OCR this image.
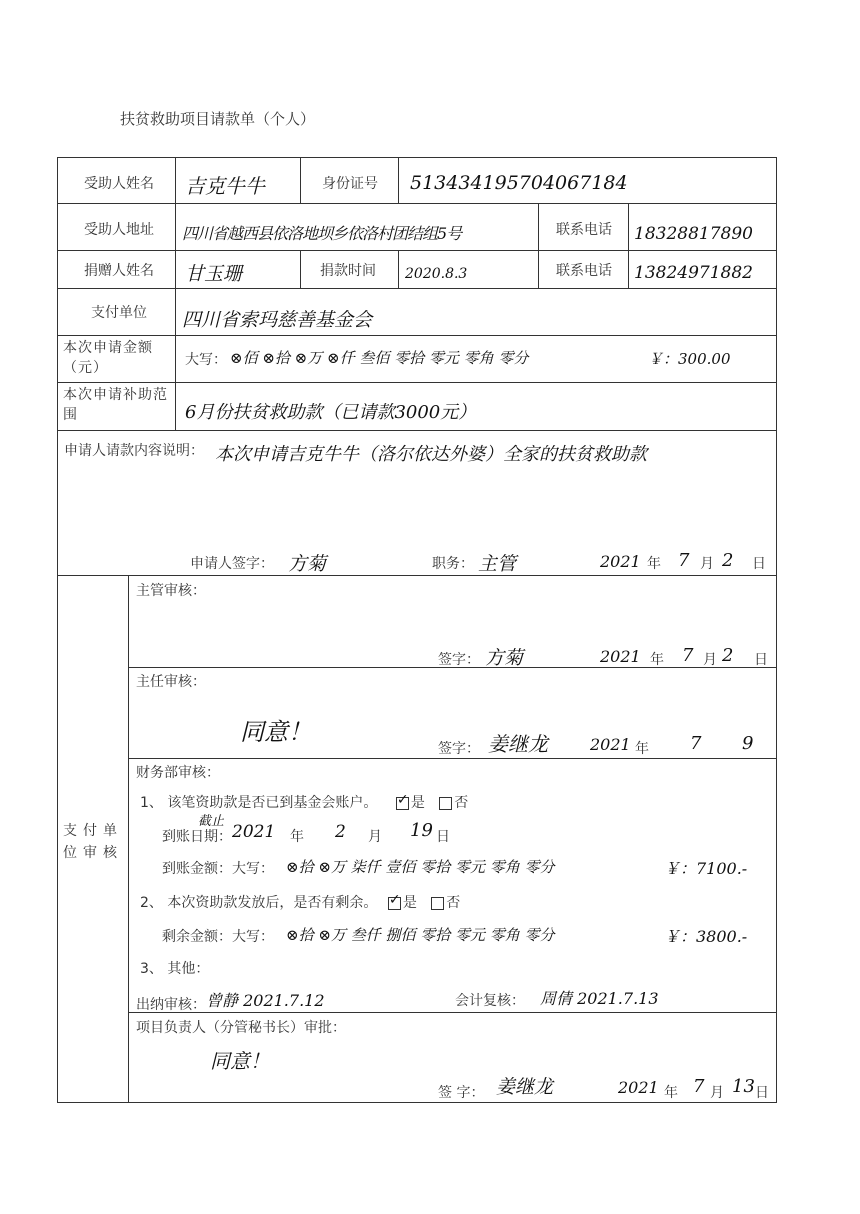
扶贫救助项目请款单（个人）
受助人姓名 吉克牛牛	身份证号 513434195704067184
受助人地址 四川省越西县依洛地坝乡依洛村团结组5号	联系电话 18328817890
捐赠人姓名 甘玉珊	捐款时间 2020.8.3	联系电话 13824971882
支付单位 四川省索玛慈善基金会
本次申请金额（元）	大写： ⊗佰 ⊗拾 ⊗万 ⊗仟 叁佰 零拾 零元 零角 零分	￥：300.00
本次申请补助范围	6月份扶贫救助款（已请款3000元）
申请人请款内容说明： 本次申请吉克牛牛（洛尔依达外婆）全家的扶贫救助款
申请人签字： 方菊	职务： 主管	2021 年 7 月 2 日
支付单位审核
主管审核：
签字： 方菊	2021 年 7 月 2 日
主任审核：
同意！
签字： 姜继龙	2021 年 7 9
财务部审核：
1、 该笔资助款是否已到基金会账户。 ✓ 是 否
到账日期：
截止
2021 年 2 月 19 日
到账金额：大写： ⊗拾 ⊗万 柒仟 壹佰 零拾 零元 零角 零分	￥：7100.-
2、 本次资助款发放后，是否有剩余。 ✓ 是 否
剩余金额：大写： ⊗拾 ⊗万 叁仟 捌佰 零拾 零元 零角 零分	￥：3800.-
3、 其他：
出纳审核： 曾静 2021.7.12	会计复核： 周倩 2021.7.13
项目负责人（分管秘书长）审批：
同意！
签 字： 姜继龙	2021 年 7 月 13 日
